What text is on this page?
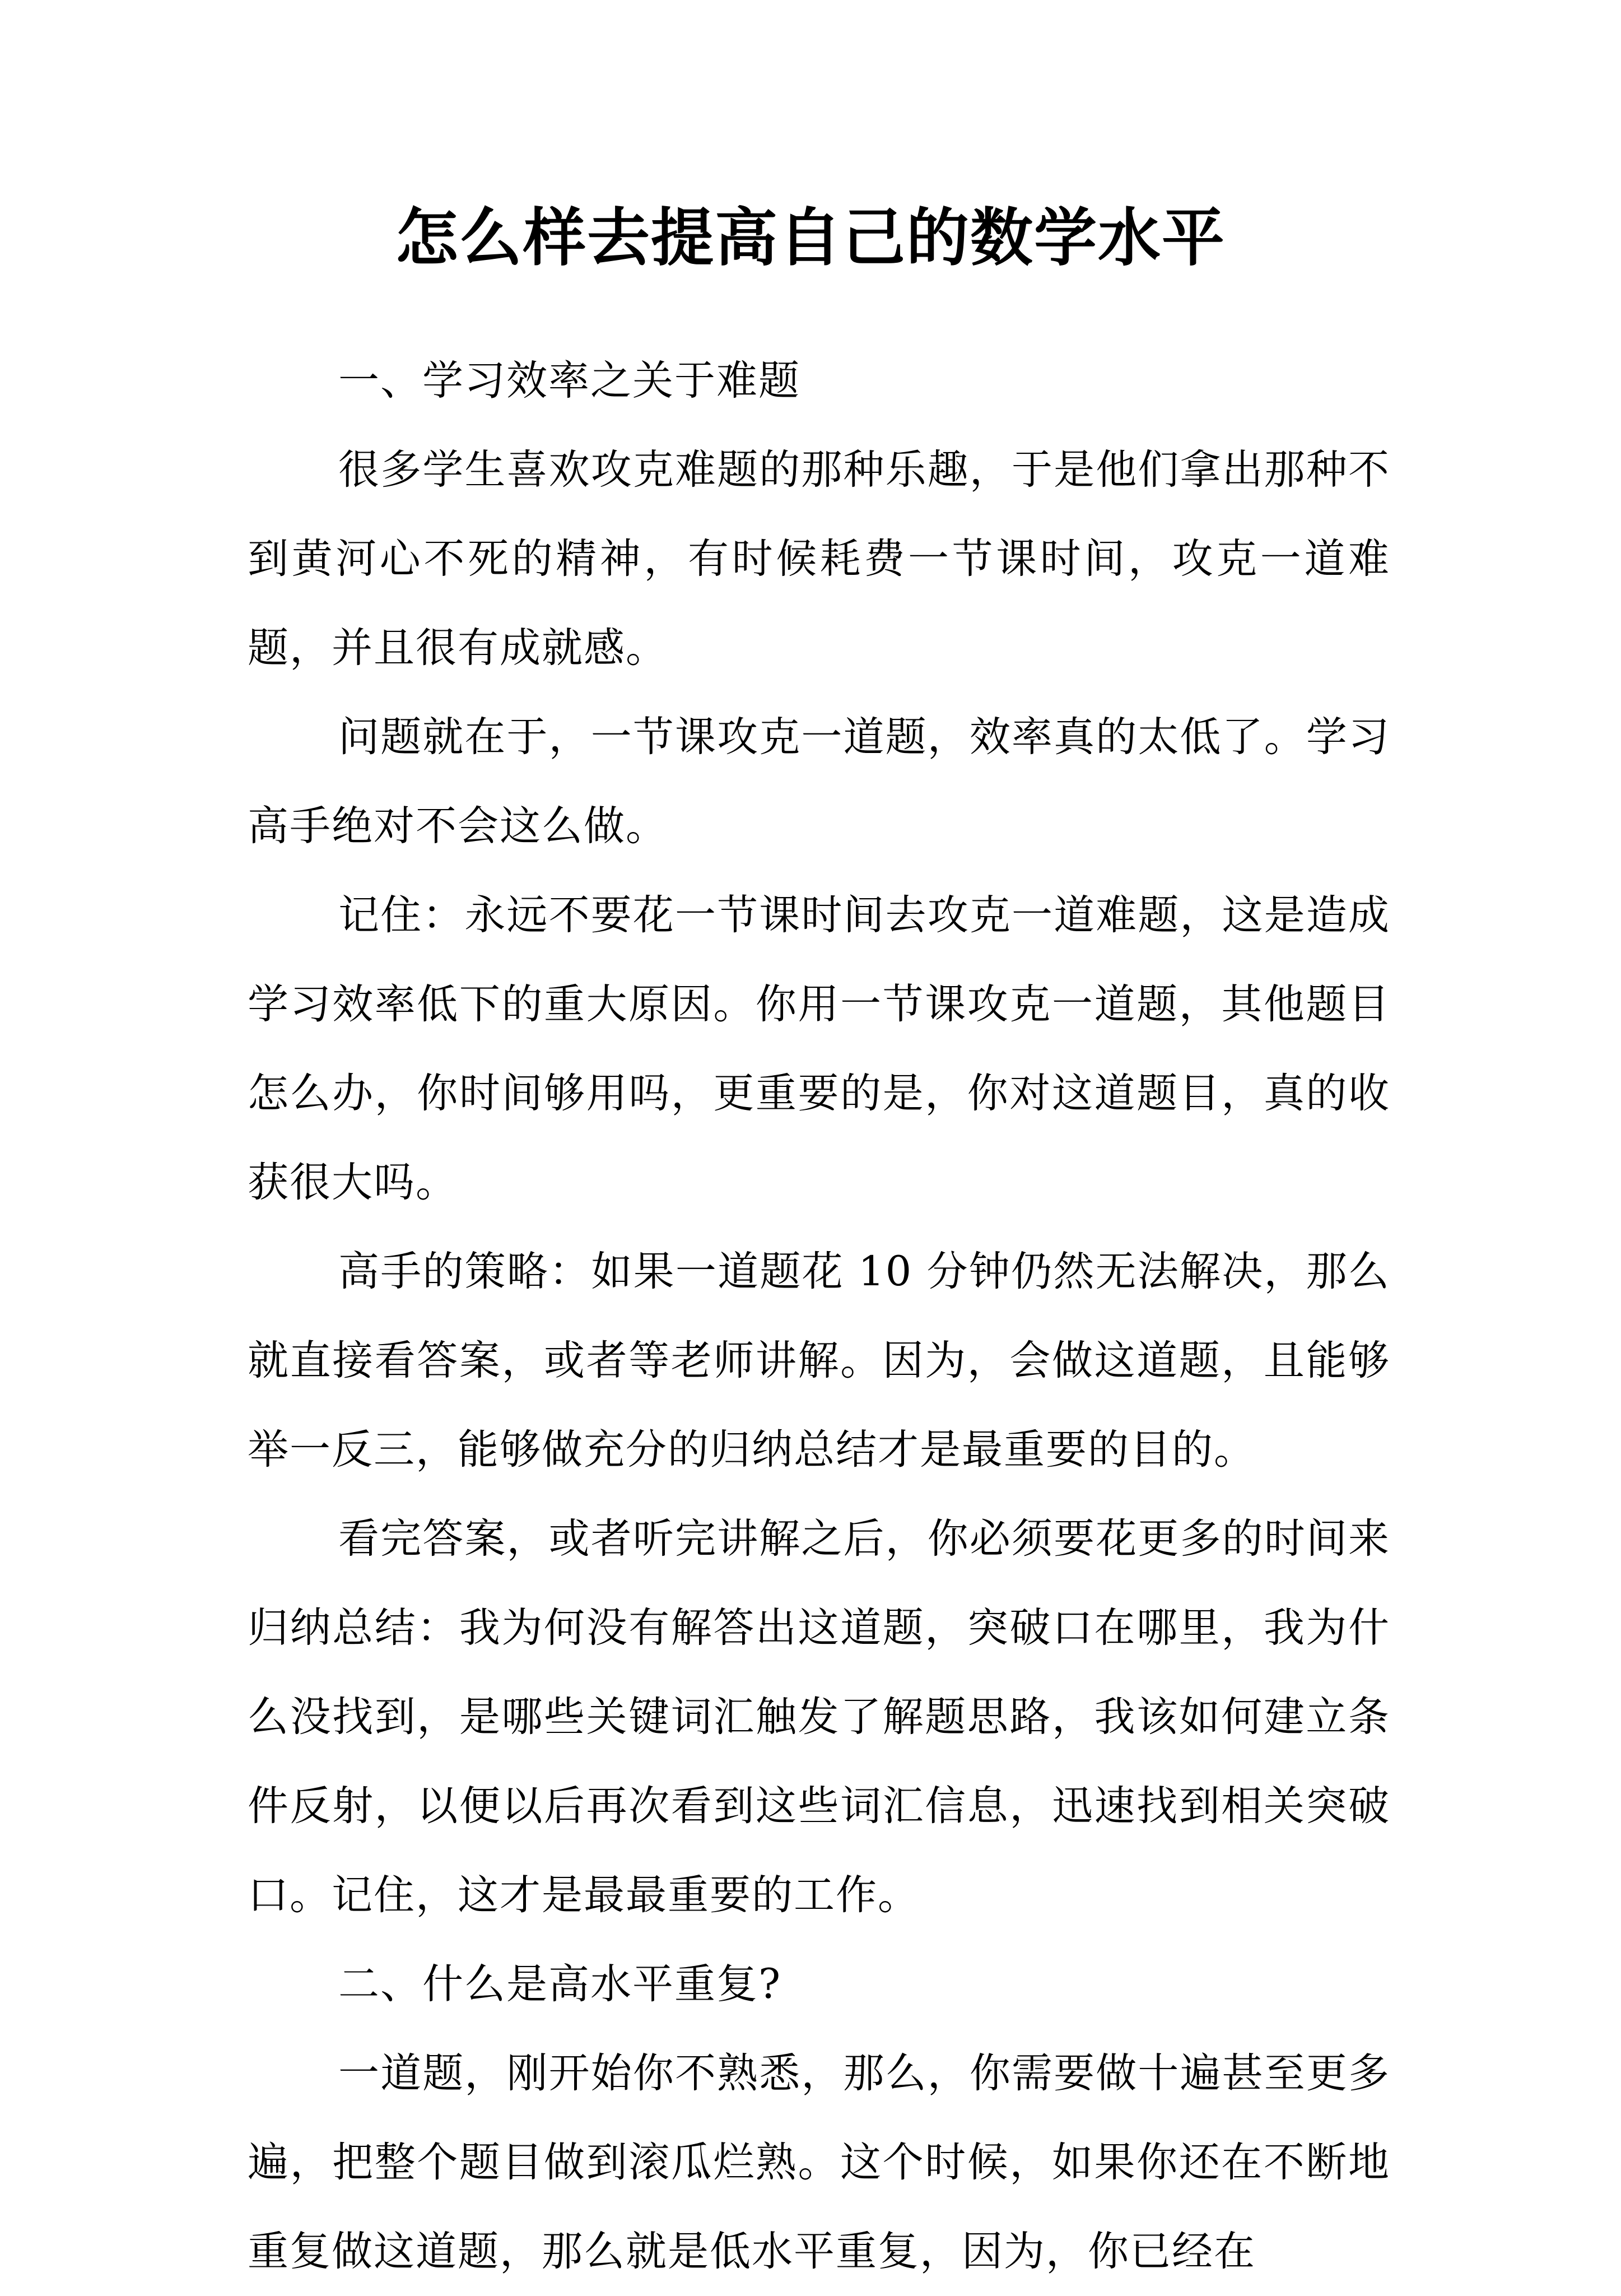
怎么样去提高自己的数学水平

一、学习效率之关于难题

很多学生喜欢攻克难题的那种乐趣，于是他们拿出那种不到黄河心不死的精神，有时候耗费一节课时间，攻克一道难题，并且很有成就感。

问题就在于，一节课攻克一道题，效率真的太低了。学习高手绝对不会这么做。

记住：永远不要花一节课时间去攻克一道难题，这是造成学习效率低下的重大原因。你用一节课攻克一道题，其他题目怎么办，你时间够用吗，更重要的是，你对这道题目，真的收获很大吗。

高手的策略：如果一道题花 10 分钟仍然无法解决，那么就直接看答案，或者等老师讲解。因为，会做这道题，且能够举一反三，能够做充分的归纳总结才是最重要的目的。

看完答案，或者听完讲解之后，你必须要花更多的时间来归纳总结：我为何没有解答出这道题，突破口在哪里，我为什么没找到，是哪些关键词汇触发了解题思路，我该如何建立条件反射，以便以后再次看到这些词汇信息，迅速找到相关突破口。记住，这才是最最重要的工作。

二、什么是高水平重复?

一道题，刚开始你不熟悉，那么，你需要做十遍甚至更多遍，把整个题目做到滚瓜烂熟。这个时候，如果你还在不断地重复做这道题，那么就是低水平重复，因为，你已经在
